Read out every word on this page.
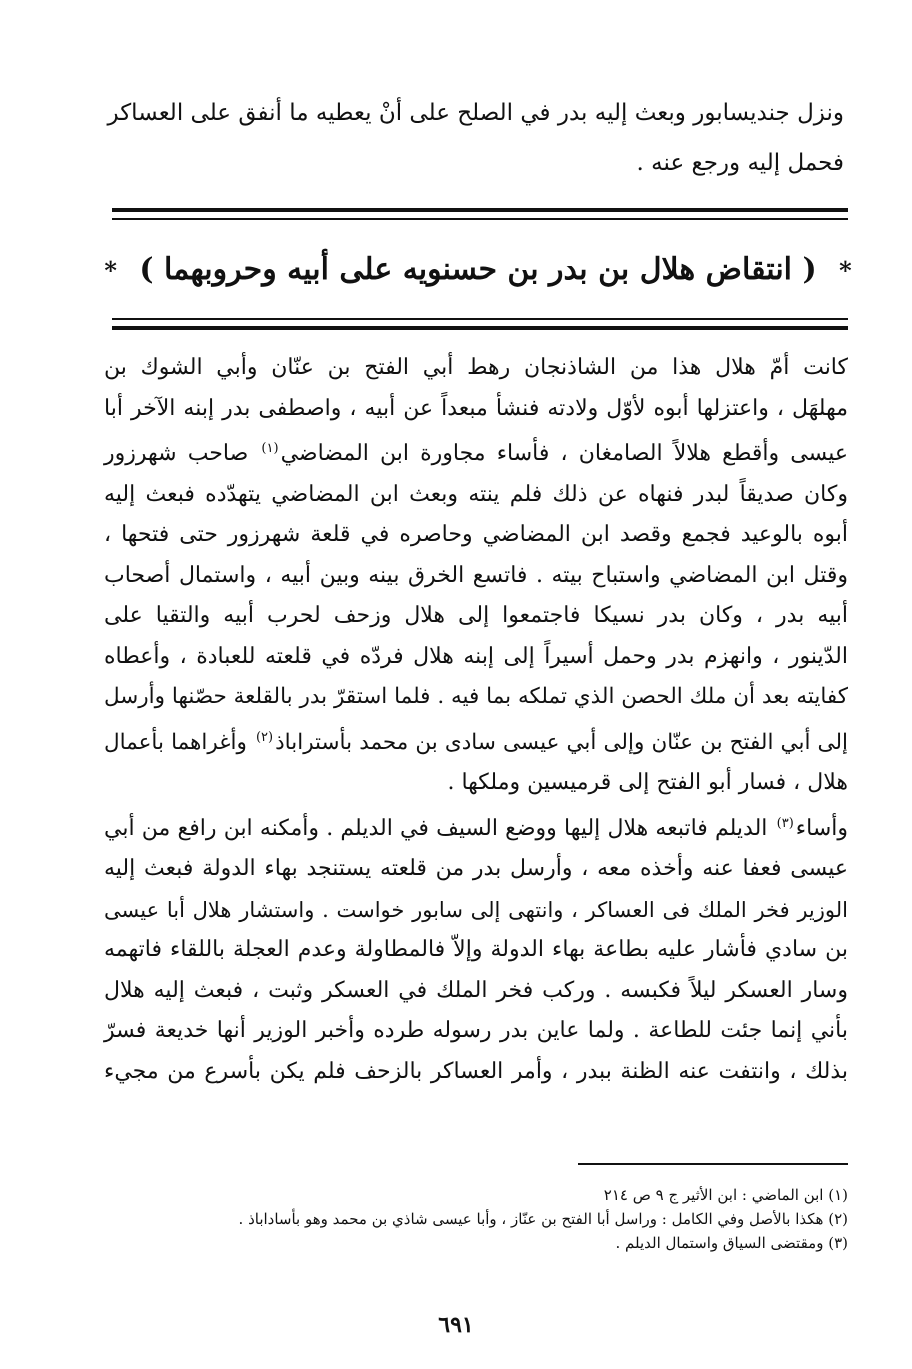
ونزل جنديسابور وبعث إليه بدر في الصلح على أنْ يعطيه ما أنفق على العساكر
فحمل إليه ورجع عنه .
* ( انتقاض هلال بن بدر بن حسنويه على أبيه وحروبهما ) *
كانت أمّ هلال هذا من الشاذنجان رهط أبي الفتح بن عنّان وأبي الشوك بن
مهلهَل ، واعتزلها أبوه لأوّل ولادته فنشأ مبعداً عن أبيه ، واصطفى بدر إبنه الآخر أبا
عيسى وأقطع هلالاً الصامغان ، فأساء مجاورة ابن المضاضي$^{(١)}$ صاحب شهرزور
وكان صديقاً لبدر فنهاه عن ذلك فلم ينته وبعث ابن المضاضي يتهدّده فبعث إليه
أبوه بالوعيد فجمع وقصد ابن المضاضي وحاصره في قلعة شهرزور حتى فتحها ،
وقتل ابن المضاضي واستباح بيته . فاتسع الخرق بينه وبين أبيه ، واستمال أصحاب
أبيه بدر ، وكان بدر نسيكا فاجتمعوا إلى هلال وزحف لحرب أبيه والتقيا على
الدّينور ، وانهزم بدر وحمل أسيراً إلى إبنه هلال فردّه في قلعته للعبادة ، وأعطاه
كفايته بعد أن ملك الحصن الذي تملكه بما فيه . فلما استقرّ بدر بالقلعة حصّنها وأرسل
إلى أبي الفتح بن عنّان وإلى أبي عيسى سادى بن محمد بأستراباذ$^{(٢)}$ وأغراهما بأعمال
هلال ، فسار أبو الفتح إلى قرميسين وملكها .
وأساء$^{(٣)}$ الديلم فاتبعه هلال إليها ووضع السيف في الديلم . وأمكنه ابن رافع من أبي
عيسى فعفا عنه وأخذه معه ، وأرسل بدر من قلعته يستنجد بهاء الدولة فبعث إليه
الوزير فخر الملك فى العساكر ، وانتهى إلى سابور خواست . واستشار هلال أبا عيسى
بن سادي فأشار عليه بطاعة بهاء الدولة وإلاّ فالمطاولة وعدم العجلة باللقاء فاتهمه
وسار العسكر ليلاً فكبسه . وركب فخر الملك في العسكر وثبت ، فبعث إليه هلال
بأني إنما جئت للطاعة . ولما عاين بدر رسوله طرده وأخبر الوزير أنها خديعة فسرّ
بذلك ، وانتفت عنه الظنة ببدر ، وأمر العساكر بالزحف فلم يكن بأسرع من مجيء
(١) ابن الماضي : ابن الأثير ج ٩ ص ٢١٤
(٢) هكذا بالأصل وفي الكامل : وراسل أبا الفتح بن عنّاز ، وأبا عيسى شاذي بن محمد وهو بأساداباذ .
(٣) ومقتضى السياق واستمال الديلم .
٦٩١
